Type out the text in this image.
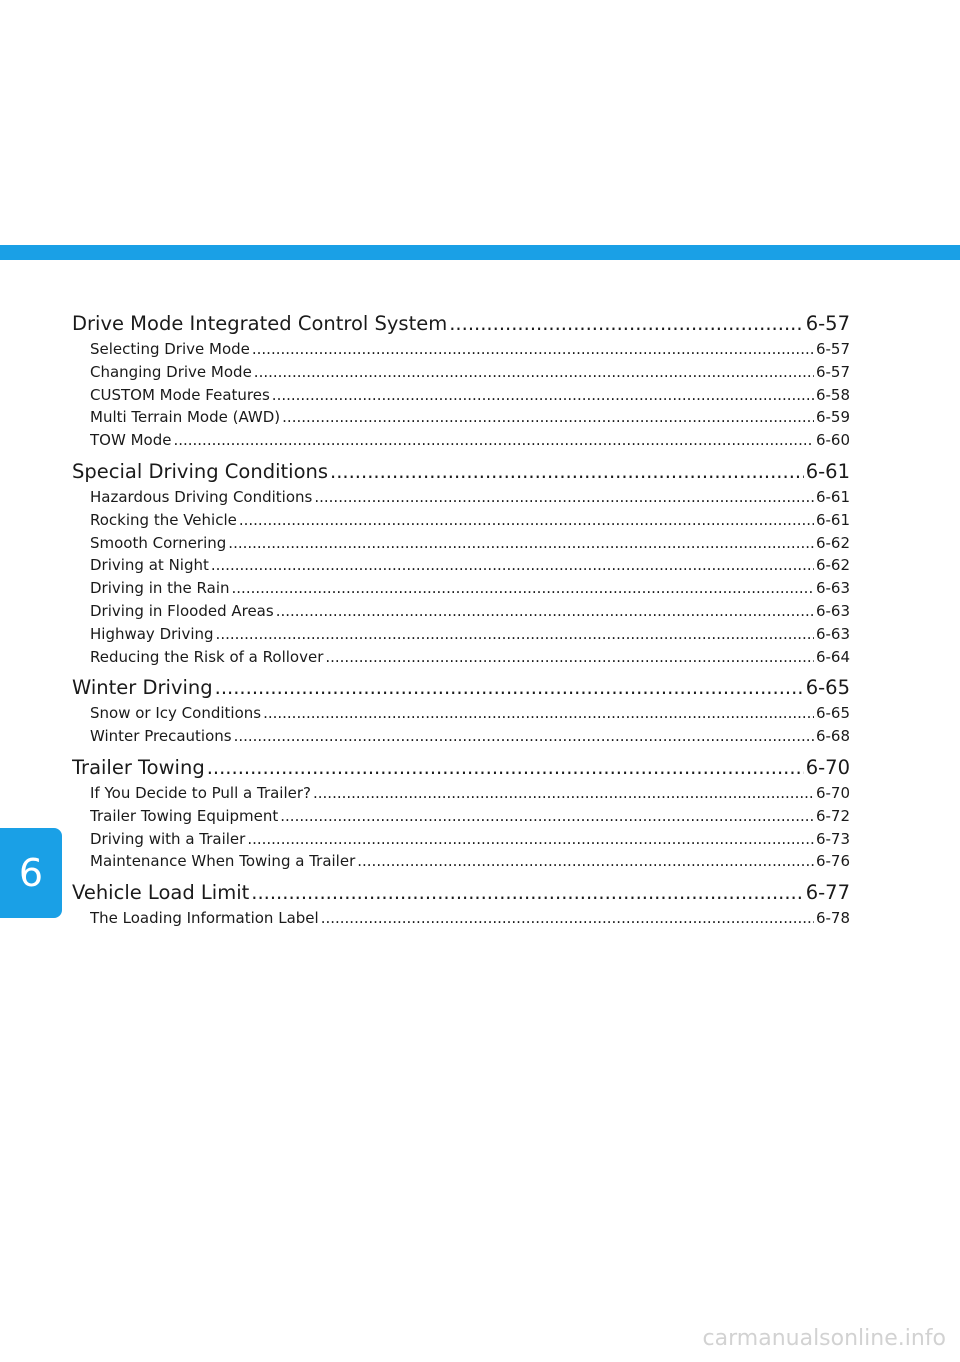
6
Drive Mode Integrated Control System .....	6-57
Selecting Drive Mode .....	6-57
Changing Drive Mode .....	6-57
CUSTOM Mode Features .....	6-58
Multi Terrain Mode (AWD) .....	6-59
TOW Mode .....	6-60
Special Driving Conditions .....	6-61
Hazardous Driving Conditions .....	6-61
Rocking the Vehicle .....	6-61
Smooth Cornering .....	6-62
Driving at Night .....	6-62
Driving in the Rain .....	6-63
Driving in Flooded Areas .....	6-63
Highway Driving .....	6-63
Reducing the Risk of a Rollover .....	6-64
Winter Driving .....	6-65
Snow or Icy Conditions .....	6-65
Winter Precautions .....	6-68
Trailer Towing .....	6-70
If You Decide to Pull a Trailer? .....	6-70
Trailer Towing Equipment .....	6-72
Driving with a Trailer .....	6-73
Maintenance When Towing a Trailer .....	6-76
Vehicle Load Limit .....	6-77
The Loading Information Label .....	6-78
carmanualsonline.info
